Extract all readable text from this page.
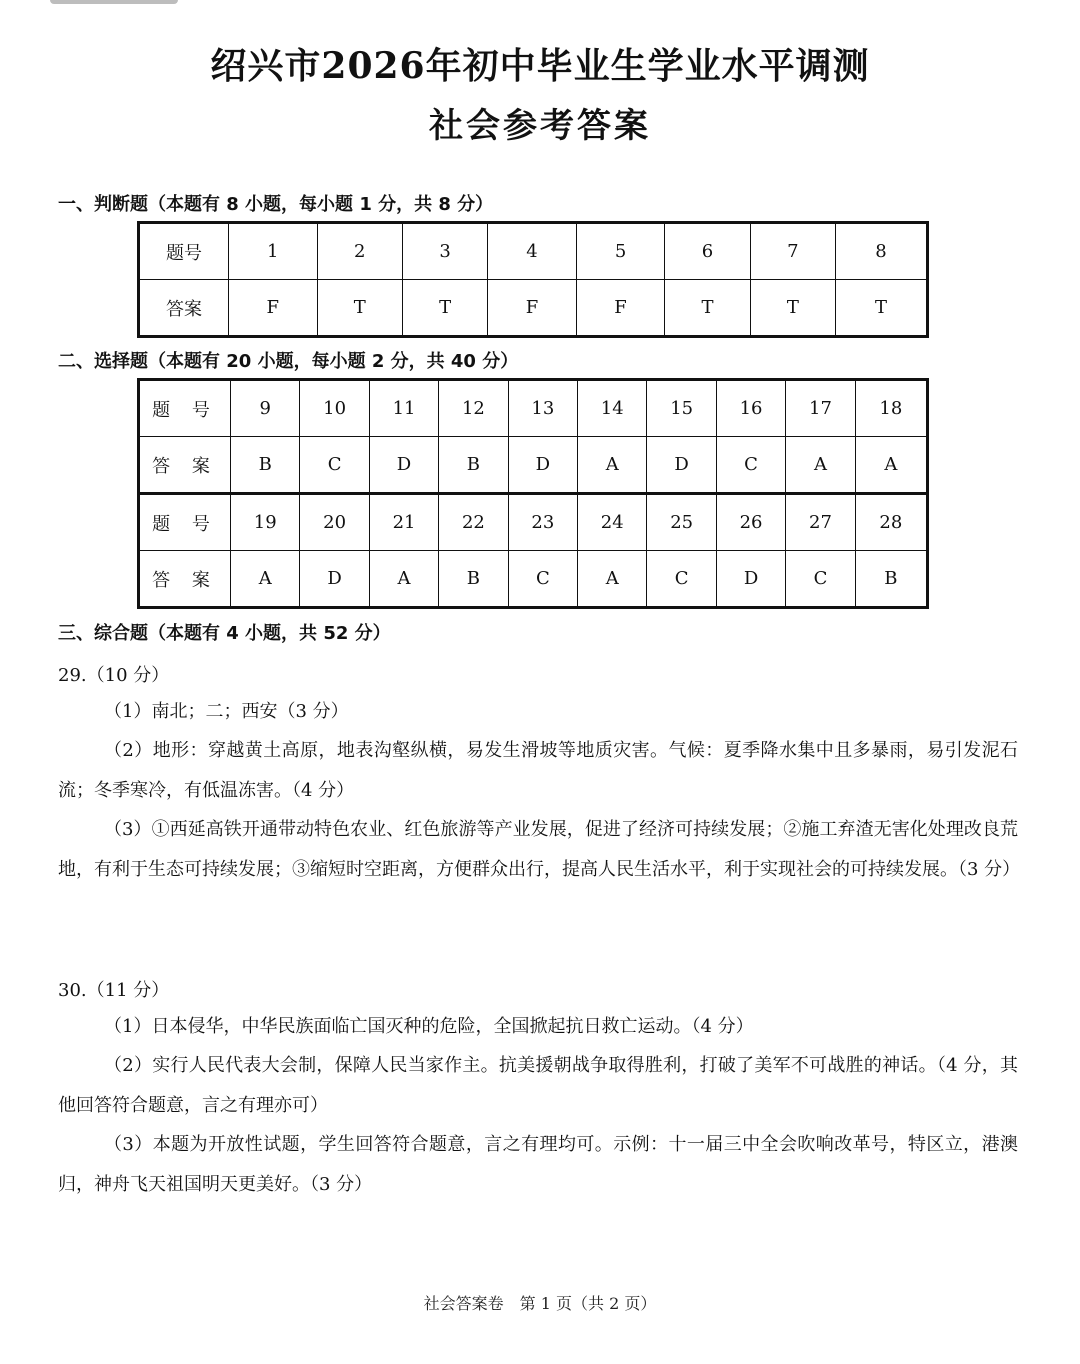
绍兴市2026年初中毕业生学业水平调测
社会参考答案
一、判断题（本题有 8 小题，每小题 1 分，共 8 分）
题号	1	2	3	4	5	6	7	8
答案	F	T	T	F	F	T	T	T
二、选择题（本题有 20 小题，每小题 2 分，共 40 分）
题 号	9	10	11	12	13	14	15	16	17	18
答 案	B	C	D	B	D	A	D	C	A	A
题 号	19	20	21	22	23	24	25	26	27	28
答 案	A	D	A	B	C	A	C	D	C	B
三、综合题（本题有 4 小题，共 52 分）
29.（10 分）
（1）南北；二；西安（3 分）
（2）地形：穿越黄土高原，地表沟壑纵横，易发生滑坡等地质灾害。气候：夏季降水集中且多暴雨，易引发泥石流；冬季寒冷，有低温冻害。（4 分）
（3）①西延高铁开通带动特色农业、红色旅游等产业发展，促进了经济可持续发展；②施工弃渣无害化处理改良荒地，有利于生态可持续发展；③缩短时空距离，方便群众出行，提高人民生活水平，利于实现社会的可持续发展。（3 分）
30.（11 分）
（1）日本侵华，中华民族面临亡国灭种的危险，全国掀起抗日救亡运动。（4 分）
（2）实行人民代表大会制，保障人民当家作主。抗美援朝战争取得胜利，打破了美军不可战胜的神话。（4 分，其他回答符合题意，言之有理亦可）
（3）本题为开放性试题，学生回答符合题意，言之有理均可。示例：十一届三中全会吹响改革号，特区立，港澳归，神舟飞天祖国明天更美好。（3 分）
社会答案卷　第 1 页（共 2 页）
